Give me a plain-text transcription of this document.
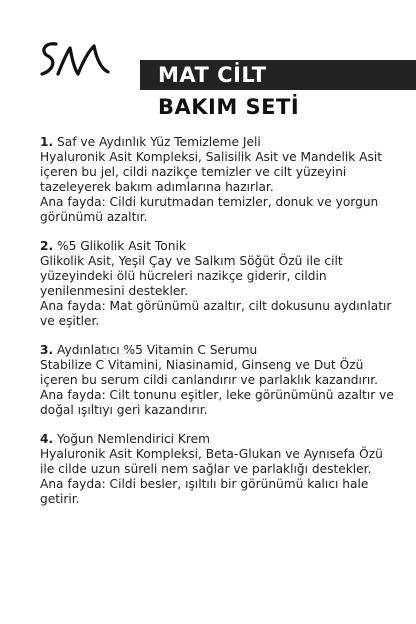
MAT CİLT
BAKIM SETİ

1. Saf ve Aydınlık Yüz Temizleme Jeli

Hyaluronik Asit Kompleksi, Salisilik Asit ve Mandelik Asit içeren bu jel, cildi nazikçe temizler ve cilt yüzeyini tazeleyerek bakım adımlarına hazırlar.

Ana fayda: Cildi kurutmadan temizler, donuk ve yorgun görünümü azaltır.

2. %5 Glikolik Asit Tonik

Glikolik Asit, Yeşil Çay ve Salkım Söğüt Özü ile cilt yüzeyindeki ölü hücreleri nazikçe giderir, cildin yenilenmesini destekler.

Ana fayda: Mat görünümü azaltır, cilt dokusunu aydınlatır ve eşitler.

3. Aydınlatıcı %5 Vitamin C Serumu

Stabilize C Vitamini, Niasinamid, Ginseng ve Dut Özü içeren bu serum cildi canlandırır ve parlaklık kazandırır.

Ana fayda: Cilt tonunu eşitler, leke görünümünü azaltır ve doğal ışıltıyı geri kazandırır.

4. Yoğun Nemlendirici Krem

Hyaluronik Asit Kompleksi, Beta-Glukan ve Aynısefa Özü ile cilde uzun süreli nem sağlar ve parlaklığı destekler.

Ana fayda: Cildi besler, ışıltılı bir görünümü kalıcı hale getirir.
